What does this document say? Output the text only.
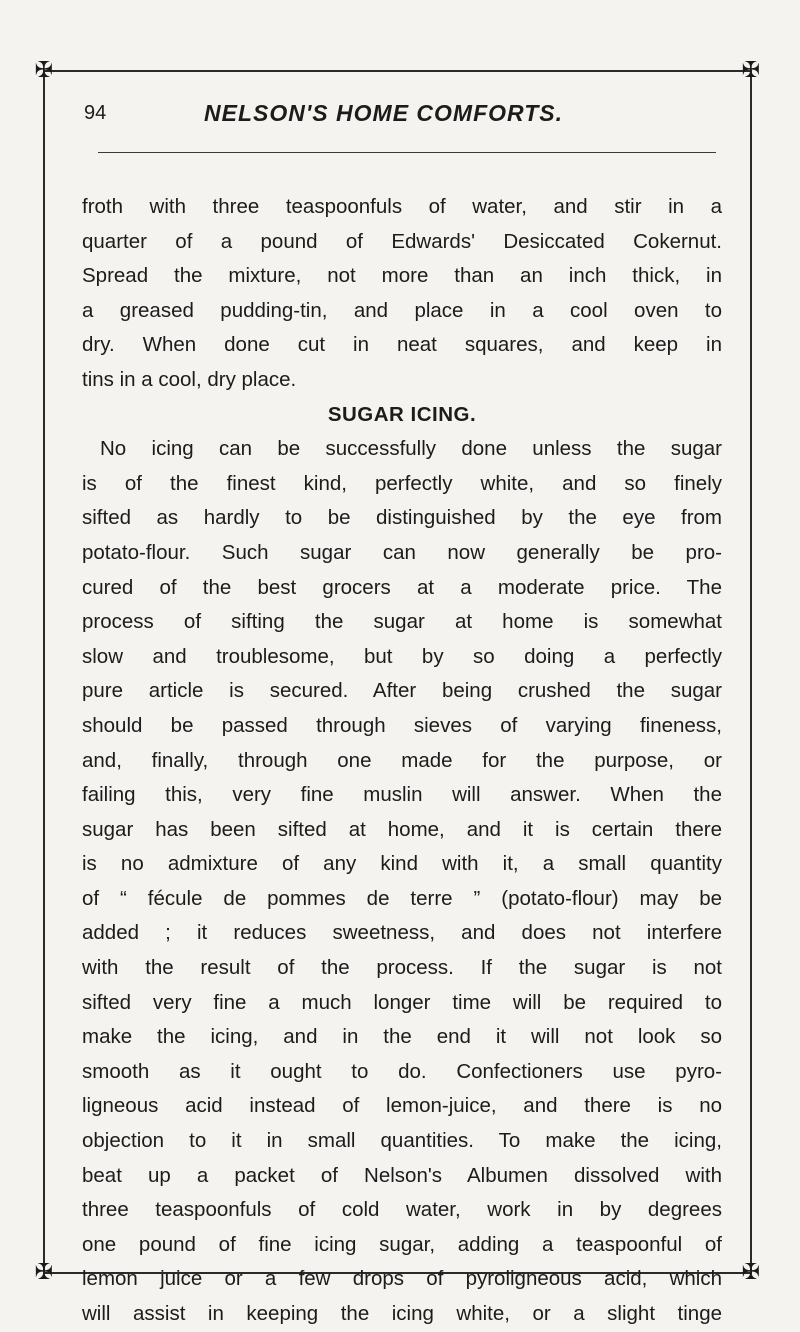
✠	✠
✠	✠
94	NELSON'S HOME COMFORTS.
froth with three teaspoonfuls of water, and stir in a
quarter of a pound of Edwards' Desiccated Cokernut.
Spread the mixture, not more than an inch thick, in
a greased pudding-tin, and place in a cool oven to
dry. When done cut in neat squares, and keep in
tins in a cool, dry place.
SUGAR ICING.
No icing can be successfully done unless the sugar
is of the finest kind, perfectly white, and so finely
sifted as hardly to be distinguished by the eye from
potato-flour. Such sugar can now generally be pro-
cured of the best grocers at a moderate price. The
process of sifting the sugar at home is somewhat
slow and troublesome, but by so doing a perfectly
pure article is secured. After being crushed the sugar
should be passed through sieves of varying fineness,
and, finally, through one made for the purpose, or
failing this, very fine muslin will answer. When the
sugar has been sifted at home, and it is certain there
is no admixture of any kind with it, a small quantity
of “ fécule de pommes de terre ” (potato-flour) may be
added ; it reduces sweetness, and does not interfere
with the result of the process. If the sugar is not
sifted very fine a much longer time will be required to
make the icing, and in the end it will not look so
smooth as it ought to do. Confectioners use pyro-
ligneous acid instead of lemon-juice, and there is no
objection to it in small quantities. To make the icing,
beat up a packet of Nelson's Albumen dissolved with
three teaspoonfuls of cold water, work in by degrees
one pound of fine icing sugar, adding a teaspoonful of
lemon juice or a few drops of pyroligneous acid, which
will assist in keeping the icing white, or a slight tinge
